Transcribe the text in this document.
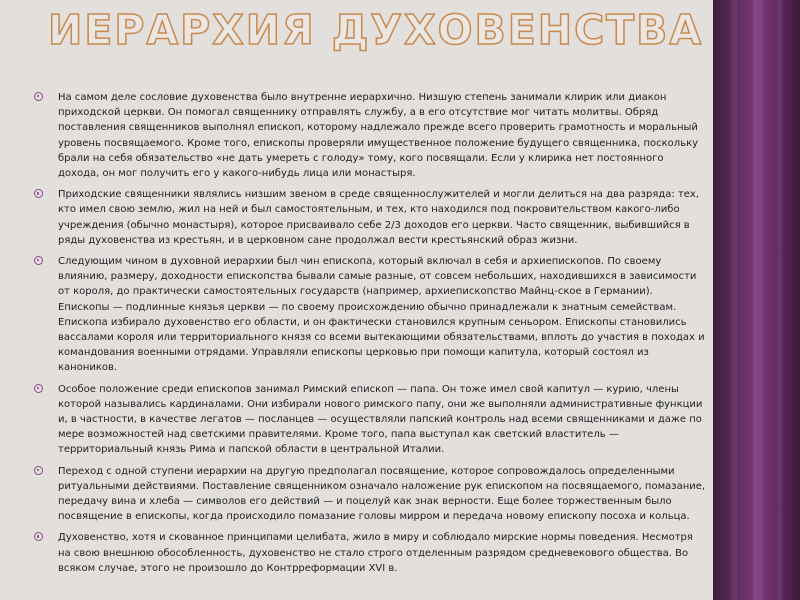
ИЕРАРХИЯ ДУХОВЕНСТВА
На самом деле сословие духовенства было внутренне иерархично. Низшую степень занимали клирик или диакон приходской церкви. Он помогал священнику отправлять службу, а в его отсутствие мог читать молитвы. Обряд поставления священников выполнял епископ, которому надлежало прежде всего проверить грамотность и моральный уровень посвящаемого. Кроме того, епископы проверяли имущественное положение будущего священника, поскольку брали на себя обязательство «не дать умереть с голоду» тому, кого посвящали. Если у клирика нет постоянного дохода, он мог получить его у какого-нибудь лица или монастыря.
Приходские священники являлись низшим звеном в среде священнослужителей и могли делиться на два разряда: тех, кто имел свою землю, жил на ней и был самостоятельным, и тех, кто находился под покровительством какого-либо учреждения (обычно монастыря), которое присваивало себе 2/3 доходов его церкви. Часто священник, выбившийся в ряды духовенства из крестьян, и в церковном сане продолжал вести крестьянский образ жизни.
Следующим чином в духовной иерархии был чин епископа, который включал в себя и архиепископов. По своему влиянию, размеру, доходности епископства бывали самые разные, от совсем небольших, находившихся в зависимости от короля, до практически самостоятельных государств (например, архиепископство Майнц-ское в Германии). Епископы — подлинные князья церкви — по своему происхождению обычно принадлежали к знатным семействам. Епископа избирало духовенство его области, и он фактически становился крупным сеньором. Епископы становились вассалами короля или территориального князя со всеми вытекающими обязательствами, вплоть до участия в походах и командования военными отрядами. Управляли епископы церковью при помощи капитула, который состоял из каноников.
Особое положение среди епископов занимал Римский епископ — папа. Он тоже имел свой капитул — курию, члены которой назывались кардиналами. Они избирали нового римского папу, они же выполняли административные функции и, в частности, в качестве легатов — посланцев — осуществляли папский контроль над всеми священниками и даже по мере возможностей над светскими правителями. Кроме того, папа выступал как светский властитель — территориальный князь Рима и папской области в центральной Италии.
Переход с одной ступени иерархии на другую предполагал посвящение, которое сопровождалось определенными ритуальными действиями. Поставление священником означало наложение рук епископом на посвящаемого, помазание, передачу вина и хлеба — символов его действий — и поцелуй как знак верности. Еще более торжественным было посвящение в епископы, когда происходило помазание головы мирром и передача новому епископу посоха и кольца.
Духовенство, хотя и скованное принципами целибата, жило в миру и соблюдало мирские нормы поведения. Несмотря на свою внешнюю обособленность, духовенство не стало строго отделенным разрядом средневекового общества. Во всяком случае, этого не произошло до Контрреформации XVI в.
